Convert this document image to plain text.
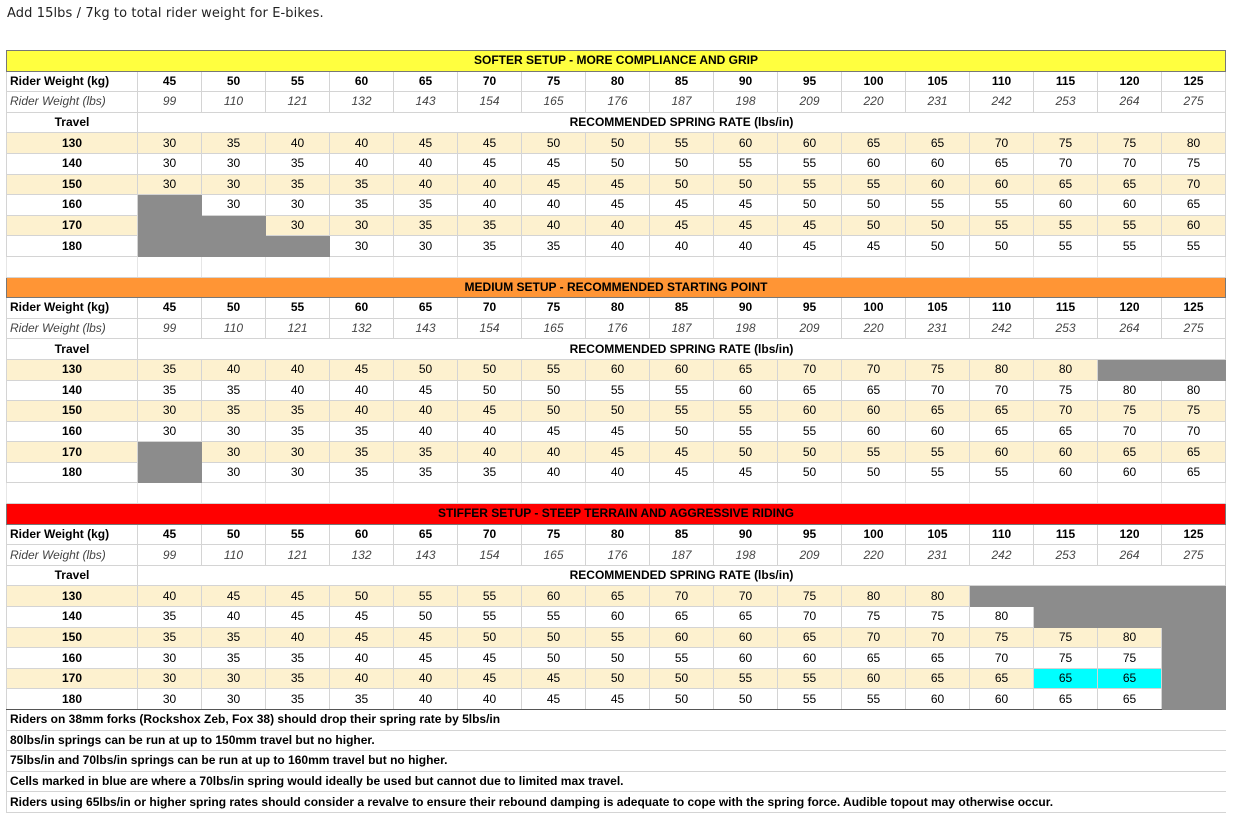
Add 15lbs / 7kg to total rider weight for E-bikes.
SOFTER SETUP - MORE COMPLIANCE AND GRIP																	
Rider Weight (kg)	45	50	55	60	65	70	75	80	85	90	95	100	105	110	115	120	125
Rider Weight (lbs)	99	110	121	132	143	154	165	176	187	198	209	220	231	242	253	264	275
Travel	RECOMMENDED SPRING RATE (lbs/in)																
130	30	35	40	40	45	45	50	50	55	60	60	65	65	70	75	75	80
140	30	30	35	40	40	45	45	50	50	55	55	60	60	65	70	70	75
150	30	30	35	35	40	40	45	45	50	50	55	55	60	60	65	65	70
160		30	30	35	35	40	40	45	45	45	50	50	55	55	60	60	65
170			30	30	35	35	40	40	45	45	45	50	50	55	55	55	60
180				30	30	35	35	40	40	40	45	45	50	50	55	55	55

MEDIUM SETUP - RECOMMENDED STARTING POINT																	
Rider Weight (kg)	45	50	55	60	65	70	75	80	85	90	95	100	105	110	115	120	125
Rider Weight (lbs)	99	110	121	132	143	154	165	176	187	198	209	220	231	242	253	264	275
Travel	RECOMMENDED SPRING RATE (lbs/in)																
130	35	40	40	45	50	50	55	60	60	65	70	70	75	80	80		
140	35	35	40	40	45	50	50	55	55	60	65	65	70	70	75	80	80
150	30	35	35	40	40	45	50	50	55	55	60	60	65	65	70	75	75
160	30	30	35	35	40	40	45	45	50	55	55	60	60	65	65	70	70
170		30	30	35	35	40	40	45	45	50	50	55	55	60	60	65	65
180		30	30	35	35	35	40	40	45	45	50	50	55	55	60	60	65

STIFFER SETUP - STEEP TERRAIN AND AGGRESSIVE RIDING																	
Rider Weight (kg)	45	50	55	60	65	70	75	80	85	90	95	100	105	110	115	120	125
Rider Weight (lbs)	99	110	121	132	143	154	165	176	187	198	209	220	231	242	253	264	275
Travel	RECOMMENDED SPRING RATE (lbs/in)																
130	40	45	45	50	55	55	60	65	70	70	75	80	80				
140	35	40	45	45	50	55	55	60	65	65	70	75	75	80			
150	35	35	40	45	45	50	50	55	60	60	65	70	70	75	75	80	
160	30	35	35	40	45	45	50	50	55	60	60	65	65	70	75	75	
170	30	30	35	40	40	45	45	50	50	55	55	60	65	65	65	65	
180	30	30	35	35	40	40	45	45	50	50	55	55	60	60	65	65	
Riders on 38mm forks (Rockshox Zeb, Fox 38) should drop their spring rate by 5lbs/in																	
80lbs/in springs can be run at up to 150mm travel but no higher.																	
75lbs/in and 70lbs/in springs can be run at up to 160mm travel but no higher.																	
Cells marked in blue are where a 70lbs/in spring would ideally be used but cannot due to limited max travel.																	
Riders using 65lbs/in or higher spring rates should consider a revalve to ensure their rebound damping is adequate to cope with the spring force. Audible topout may otherwise occur.																	
